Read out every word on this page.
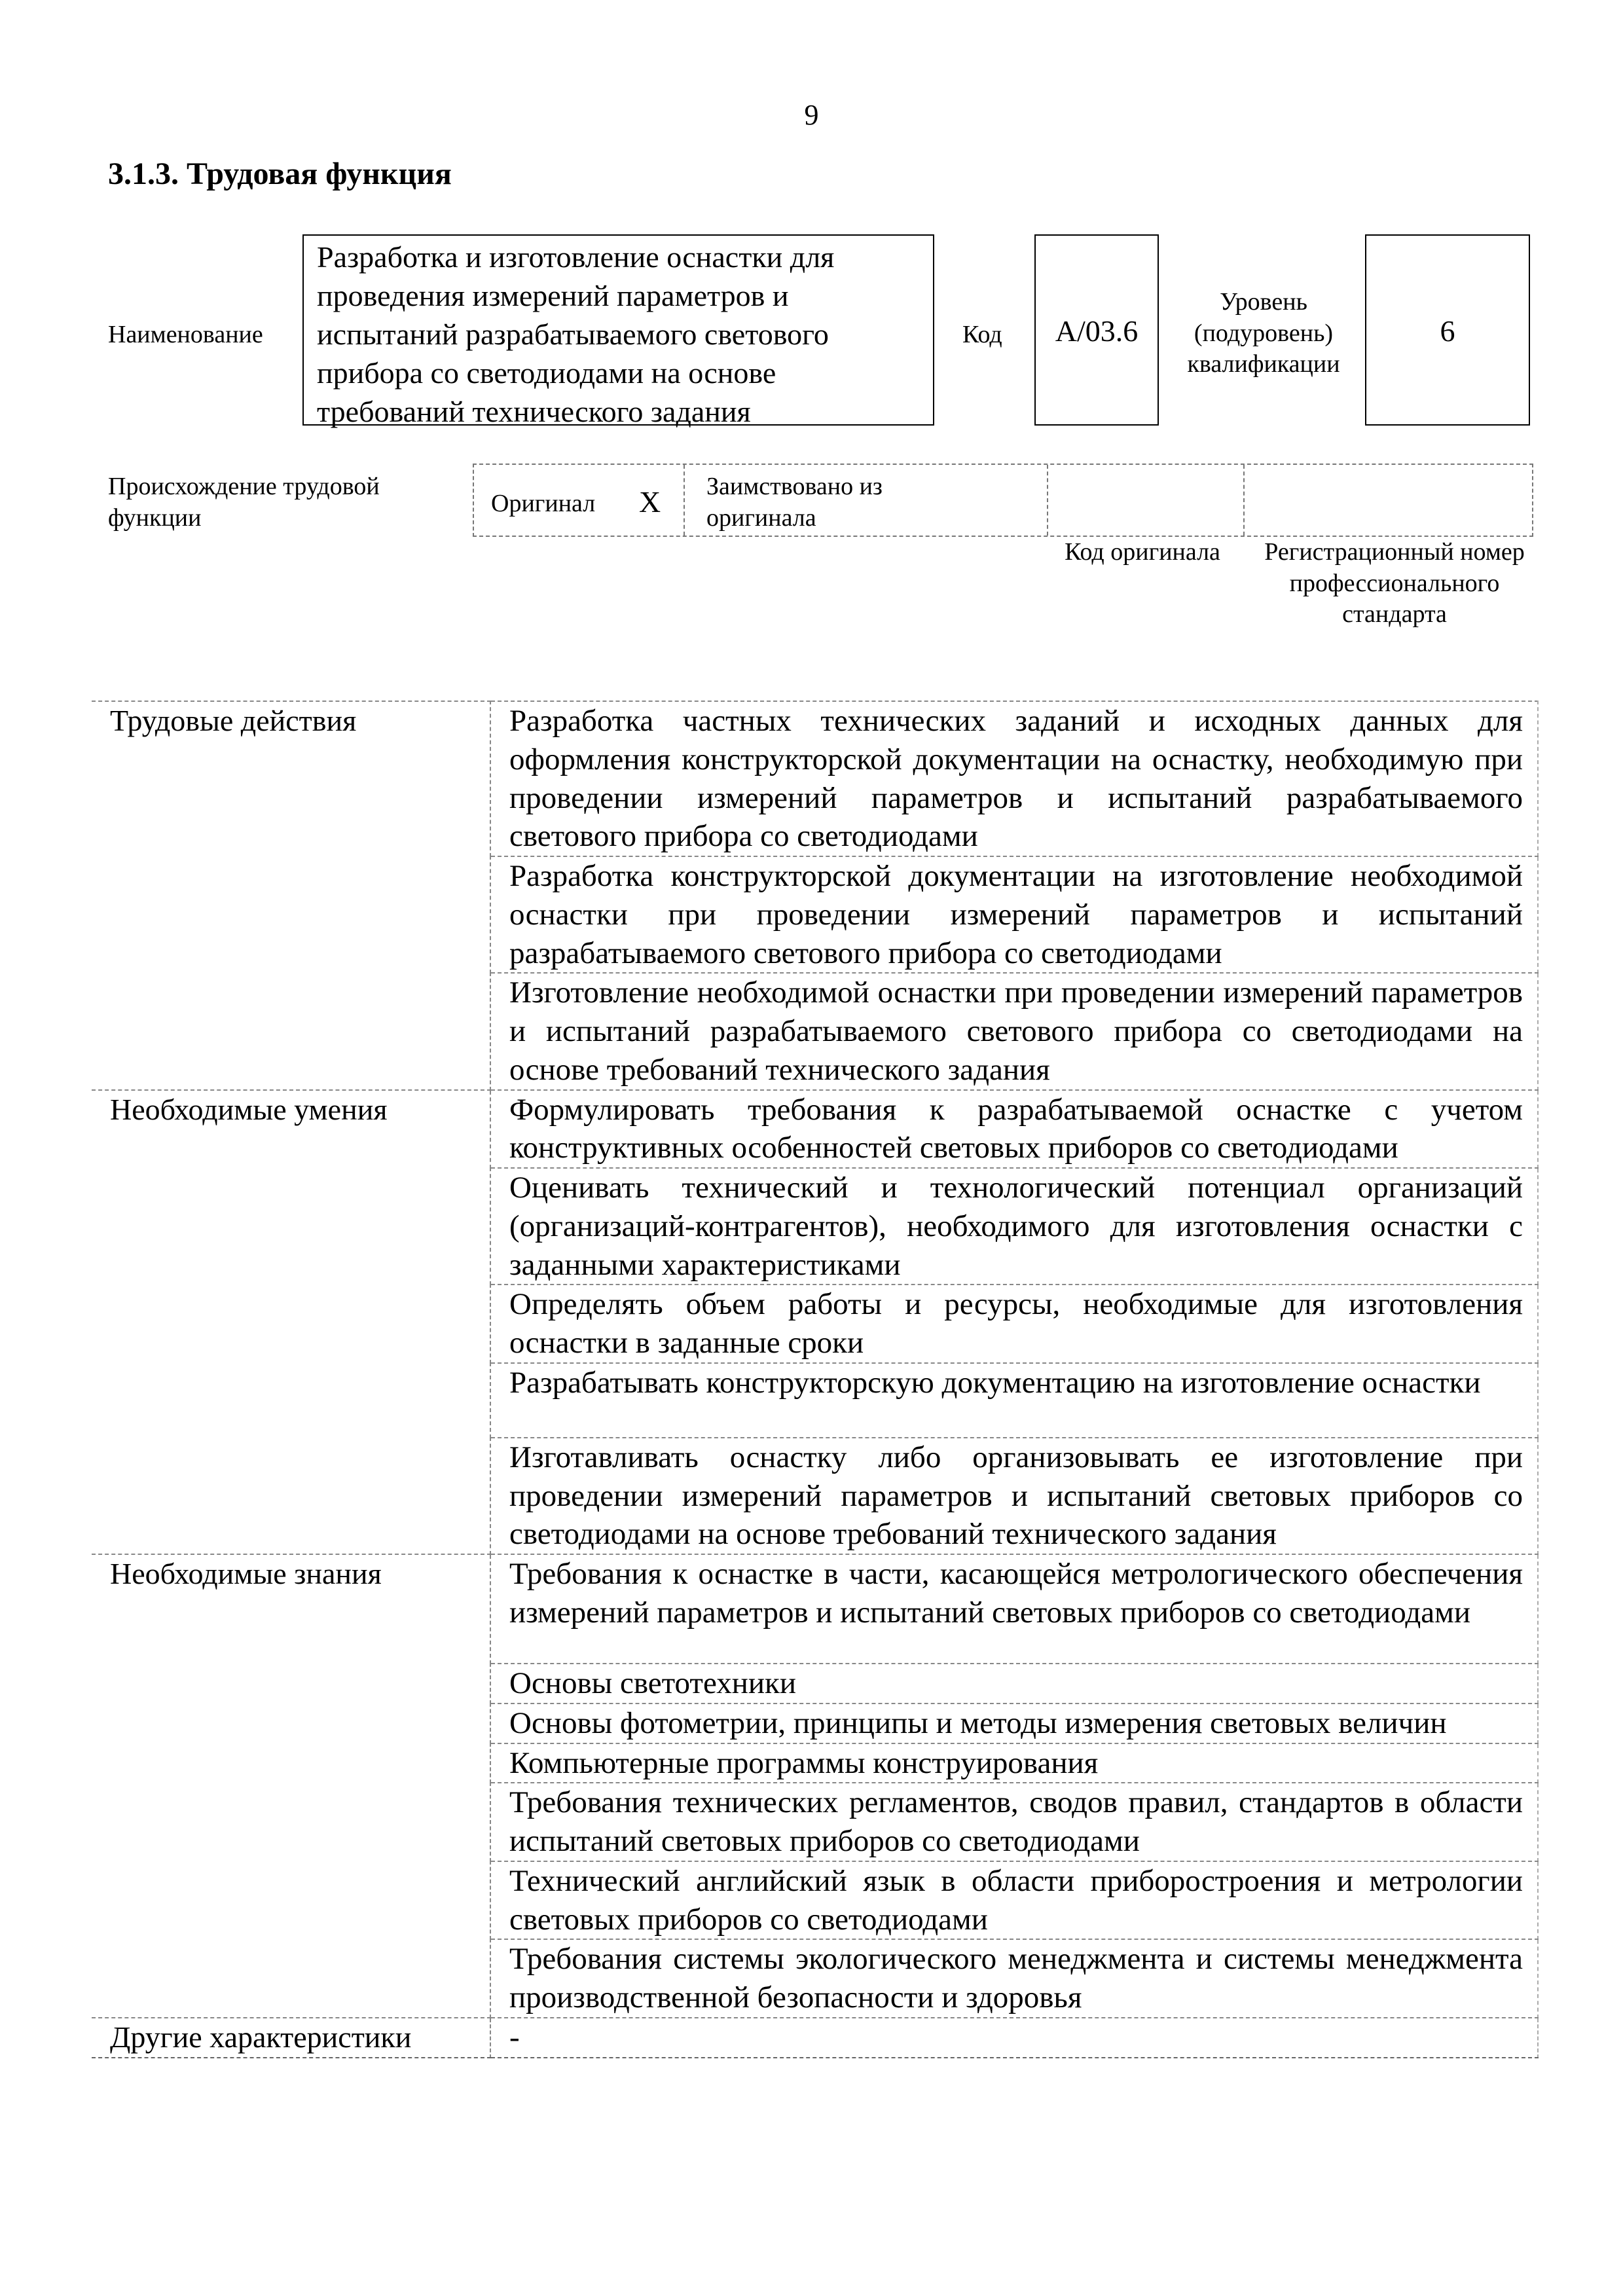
9
3.1.3. Трудовая функция
Наименование
Разработка и изготовление оснастки для проведения измерений параметров и испытаний разрабатываемого светового прибора со светодиодами на основе требований технического задания
Код	А/03.6
Уровень (подуровень) квалификации
6
Происхождение трудовой функции
Оригинал X Заимствовано из оригинала
Код оригинала	Регистрационный номер профессионального стандарта
Трудовые действия	Разработка частных технических заданий и исходных данных для оформления конструкторской документации на оснастку, необходимую при проведении измерений параметров и испытаний разрабатываемого светового прибора со светодиодами
	Разработка конструкторской документации на изготовление необходимой оснастки при проведении измерений параметров и испытаний разрабатываемого светового прибора со светодиодами
	Изготовление необходимой оснастки при проведении измерений параметров и испытаний разрабатываемого светового прибора со светодиодами на основе требований технического задания
Необходимые умения	Формулировать требования к разрабатываемой оснастке с учетом конструктивных особенностей световых приборов со светодиодами
	Оценивать технический и технологический потенциал организаций (организаций-контрагентов), необходимого для изготовления оснастки с заданными характеристиками
	Определять объем работы и ресурсы, необходимые для изготовления оснастки в заданные сроки
	Разрабатывать конструкторскую документацию на изготовление оснастки
	Изготавливать оснастку либо организовывать ее изготовление при проведении измерений параметров и испытаний световых приборов со светодиодами на основе требований технического задания
Необходимые знания	Требования к оснастке в части, касающейся метрологического обеспечения измерений параметров и испытаний световых приборов со светодиодами
	Основы светотехники
	Основы фотометрии, принципы и методы измерения световых величин
	Компьютерные программы конструирования
	Требования технических регламентов, сводов правил, стандартов в области испытаний световых приборов со светодиодами
	Технический английский язык в области приборостроения и метрологии световых приборов со светодиодами
	Требования системы экологического менеджмента и системы менеджмента производственной безопасности и здоровья
Другие характеристики	-
